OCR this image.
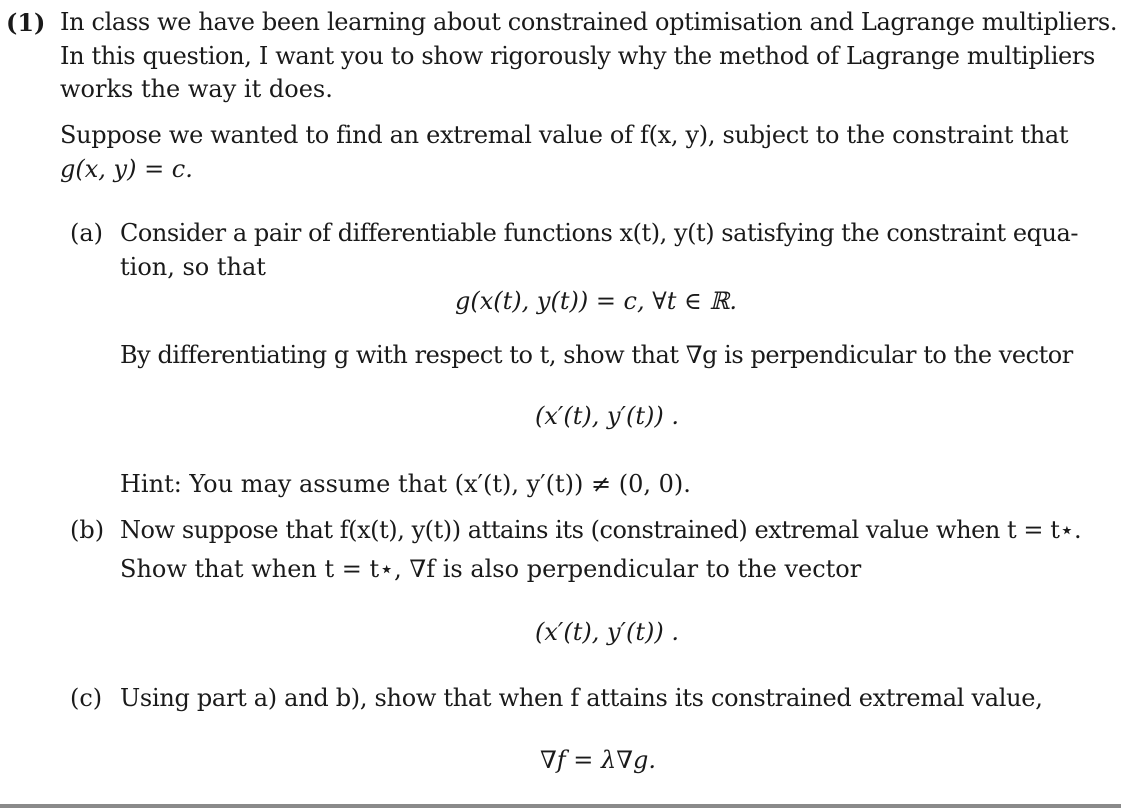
(1) In class we have been learning about constrained optimisation and Lagrange multipliers.
In this question, I want you to show rigorously why the method of Lagrange multipliers
works the way it does.
Suppose we wanted to find an extremal value of f(x, y), subject to the constraint that
g(x, y) = c.
(a) Consider a pair of differentiable functions x(t), y(t) satisfying the constraint equa-
tion, so that
g(x(t), y(t)) = c, ∀t ∈ ℝ.
By differentiating g with respect to t, show that ∇g is perpendicular to the vector
(x′(t), y′(t)) .
Hint: You may assume that (x′(t), y′(t)) ≠ (0, 0).
(b) Now suppose that f(x(t), y(t)) attains its (constrained) extremal value when t = t⋆.
Show that when t = t⋆, ∇f is also perpendicular to the vector
(x′(t), y′(t)) .
(c) Using part a) and b), show that when f attains its constrained extremal value,
∇f = λ∇g.
